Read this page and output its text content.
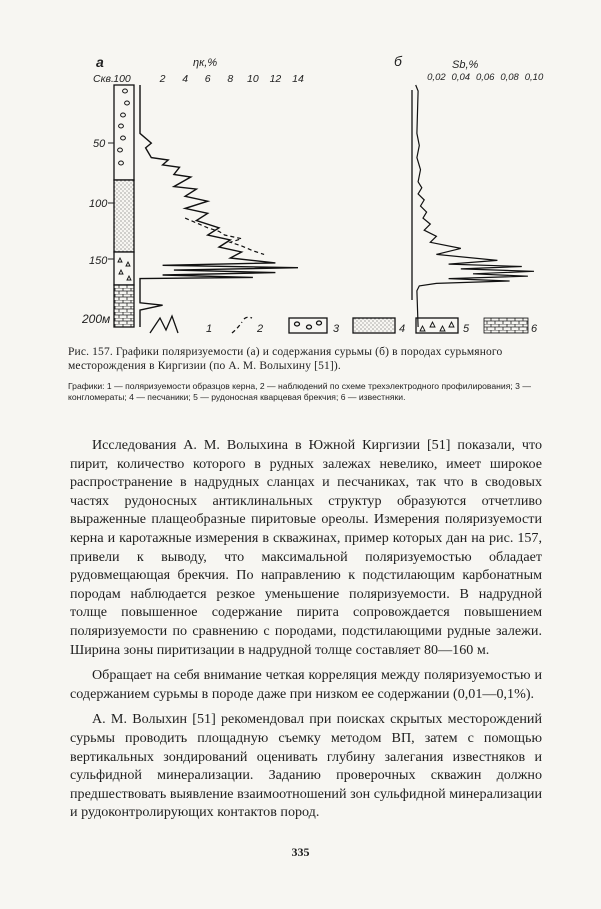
а	б
ηк,%	Sb,%
Скв. 100	2 4 6 8 10 12 14	0,02 0,04 0,06 0,08 0,10
50
100
150
200м
1	2	3	4	5	6
Рис. 157. Графики поляризуемости (а) и содержания сурьмы (б) в породах сурьмяного месторождения в Киргизии (по А. М. Волыхину [51]).
Графики: 1 — поляризуемости образцов керна, 2 — наблюдений по схеме трехэлектродного профилирования; 3 — конгломераты; 4 — песчаники; 5 — рудоносная кварцевая брекчия; 6 — известняки.

Исследования А. М. Волыхина в Южной Киргизии [51] показали, что пирит, количество которого в рудных залежах невелико, имеет широкое распространение в надрудных сланцах и песчаниках, так что в сводовых частях рудоносных антиклинальных структур образуются отчетливо выраженные плащеобразные пиритовые ореолы. Измерения поляризуемости керна и каротажные измерения в скважинах, пример которых дан на рис. 157, привели к выводу, что максимальной поляризуемостью обладает рудовмещающая брекчия. По направлению к подстилающим карбонатным породам наблюдается резкое уменьшение поляризуемости. В надрудной толще повышенное содержание пирита сопровождается повышением поляризуемости по сравнению с породами, подстилающими рудные залежи. Ширина зоны пиритизации в надрудной толще составляет 80—160 м.

Обращает на себя внимание четкая корреляция между поляризуемостью и содержанием сурьмы в породе даже при низком ее содержании (0,01—0,1%).

А. М. Волыхин [51] рекомендовал при поисках скрытых месторождений сурьмы проводить площадную съемку методом ВП, затем с помощью вертикальных зондирований оценивать глубину залегания известняков и сульфидной минерализации. Заданию проверочных скважин должно предшествовать выявление взаимоотношений зон сульфидной минерализации и рудоконтролирующих контактов пород.

335
